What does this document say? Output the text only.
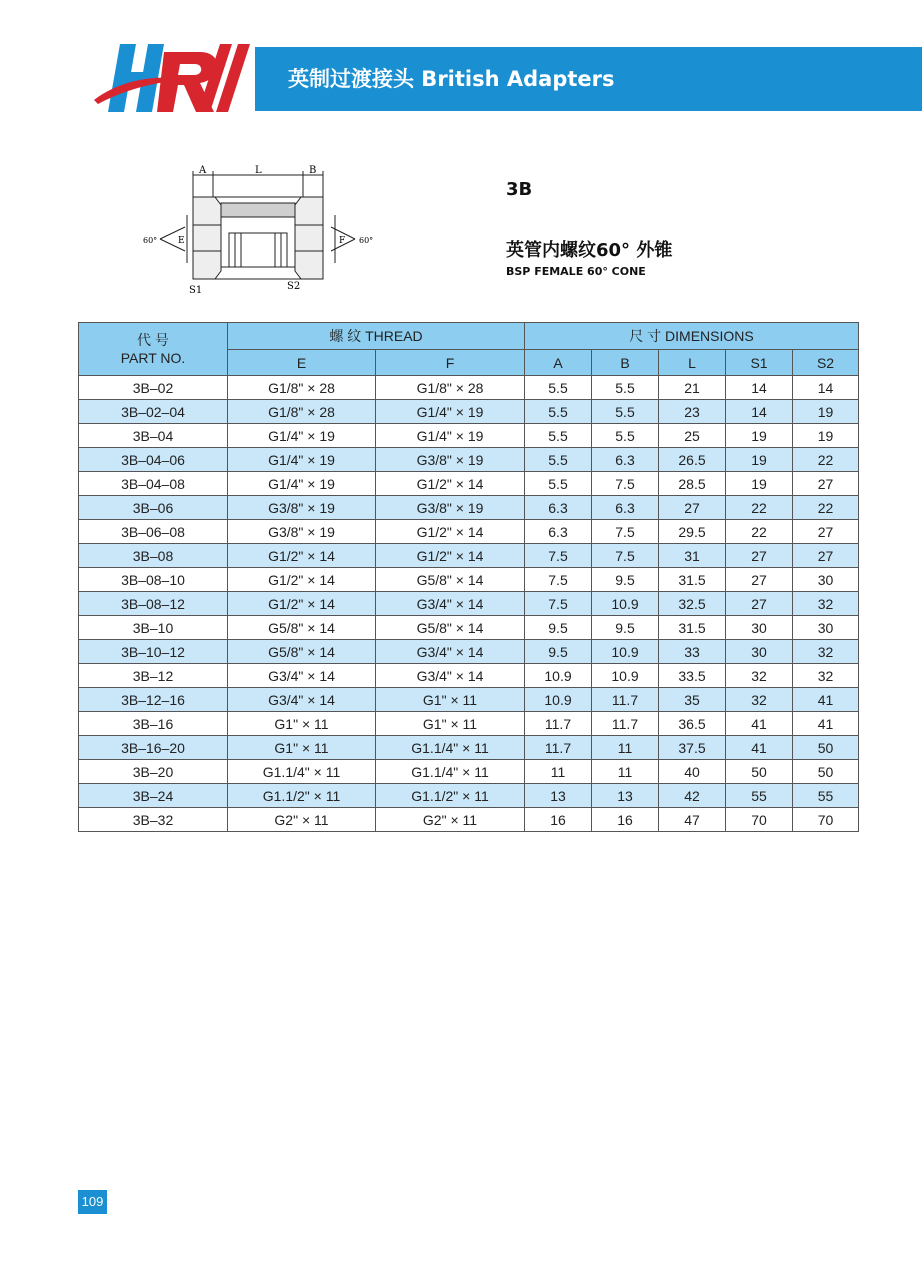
英制过渡接头 British Adapters
A	L	B
E	F
60°	60°
S1	S2
3B
英管内螺纹60° 外锥
BSP FEMALE 60° CONE
代 号
PART NO.	螺 纹 THREAD		尺 寸 DIMENSIONS				
	E	F	A	B	L	S1	S2
3B–02	G1/8" × 28	G1/8" × 28	5.5	5.5	21	14	14
3B–02–04	G1/8" × 28	G1/4" × 19	5.5	5.5	23	14	19
3B–04	G1/4" × 19	G1/4" × 19	5.5	5.5	25	19	19
3B–04–06	G1/4" × 19	G3/8" × 19	5.5	6.3	26.5	19	22
3B–04–08	G1/4" × 19	G1/2" × 14	5.5	7.5	28.5	19	27
3B–06	G3/8" × 19	G3/8" × 19	6.3	6.3	27	22	22
3B–06–08	G3/8" × 19	G1/2" × 14	6.3	7.5	29.5	22	27
3B–08	G1/2" × 14	G1/2" × 14	7.5	7.5	31	27	27
3B–08–10	G1/2" × 14	G5/8" × 14	7.5	9.5	31.5	27	30
3B–08–12	G1/2" × 14	G3/4" × 14	7.5	10.9	32.5	27	32
3B–10	G5/8" × 14	G5/8" × 14	9.5	9.5	31.5	30	30
3B–10–12	G5/8" × 14	G3/4" × 14	9.5	10.9	33	30	32
3B–12	G3/4" × 14	G3/4" × 14	10.9	10.9	33.5	32	32
3B–12–16	G3/4" × 14	G1" × 11	10.9	11.7	35	32	41
3B–16	G1" × 11	G1" × 11	11.7	11.7	36.5	41	41
3B–16–20	G1" × 11	G1.1/4" × 11	11.7	11	37.5	41	50
3B–20	G1.1/4" × 11	G1.1/4" × 11	11	11	40	50	50
3B–24	G1.1/2" × 11	G1.1/2" × 11	13	13	42	55	55
3B–32	G2" × 11	G2" × 11	16	16	47	70	70
109
